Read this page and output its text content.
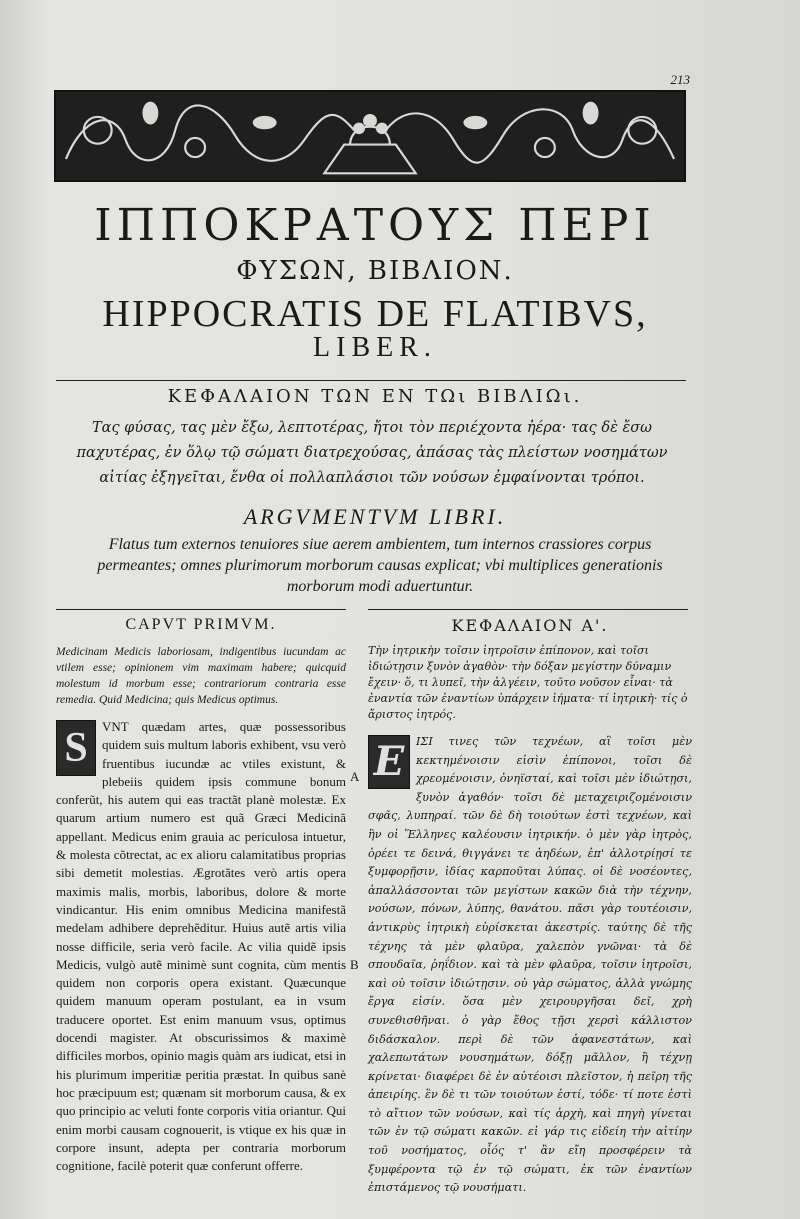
213
ΙΠΠΟΚΡΑΤΟΥΣ ΠΕΡΙ
ΦΥΣΩΝ, ΒΙΒΛΙΟΝ.
HIPPOCRATIS DE FLATIBVS,
LIBER.
ΚΕΦΑΛΑΙΟΝ ΤΩΝ ΕΝ ΤΩι ΒΙΒΛΙΩι.
Τας φύσας, τας μὲν ἔξω, λεπτοτέρας, ἤτοι τὸν περιέχοντα ἠέρα· τας δὲ ἔσω παχυτέρας, ἐν ὅλῳ τῷ σώματι διατρεχούσας, ἀπάσας τὰς πλείστων νοσημάτων αἰτίας ἐξηγεῖται, ἔνθα οἱ πολλαπλάσιοι τῶν νούσων ἐμφαίνονται τρόποι.
ARGVMENTVM LIBRI.
Flatus tum externos tenuiores siue aerem ambientem, tum internos crassiores corpus permeantes; omnes plurimorum morborum causas explicat; vbi multiplices generationis morborum modi aduertuntur.
CAPVT PRIMVM.
Medicinam Medicis laboriosam, indigentibus iucundam ac vtilem esse; opinionem vim maximam habere; quicquid molestum id morbum esse; contrariorum contraria esse remedia. Quid Medicina; quis Medicus optimus.
S	VNT quædam artes, quæ possessoribus quidem suis multum laboris exhibent, vsu verò fruentibus iucundæ ac vtiles existunt, & plebeiis quidem ipsis commune bonum conferũt, his autem qui eas tractãt planè molestæ. Ex quarum artium numero est quã Græci Medicinã appellant. Medicus enim grauia ac periculosa intuetur, & molesta cõtrectat, ac ex alioru calamitatibus proprias sibi demetit molestias. Ægrotãtes verò artis opera maximis malis, morbis, laboribus, dolore & morte vindicantur. His enim omnibus Medicina manifestã medelam adhibere deprehẽditur. Huius autẽ artis vilia nosse difficile, seria verò facile. Ac vilia quidẽ ipsis Medicis, vulgò autẽ minimè sunt cognita, cùm mentis quidem non corporis opera existant. Quæcunque quidem manuum operam postulant, ea in vsum traducere oportet. Est enim manuum vsus, optimus docendi magister. At obscurissimos & maximè difficiles morbos, opinio magis quàm ars iudicat, etsi in his plurimum imperitiæ peritia præstat. In quibus sanè hoc præcipuum est; quænam sit morborum causa, & ex quo principio ac veluti fonte corporis vitia oriantur. Qui enim morbi causam cognouerit, is vtique ex his quæ in corpore insunt, adepta per contraria morborum cognitione, facilè poterit quæ conferunt offerre.
A
B
ΚΕΦΑΛΑΙΟΝ Α'.
Τὴν ἰητρικὴν τοῖσιν ἰητροῖσιν ἐπίπονον, καὶ τοῖσι ἰδιώτῃσιν ξυνὸν ἀγαθὸν· τὴν δόξαν μεγίστην δύναμιν ἔχειν· ὅ, τι λυπεῖ, τὴν ἀλγέειν, τοῦτο νοῦσον εἶναι· τὰ ἐναντία τῶν ἐναντίων ὑπάρχειν ἰήματα· τί ἰητρικὴ· τίς ὁ ἄριστος ἰητρός.
Ε	ΙΣΙ τινες τῶν τεχνέων, αἳ τοῖσι μὲν κεκτημένοισιν εἰσὶν ἐπίπονοι, τοῖσι δὲ χρεομένοισιν, ὀνηϊσταί, καὶ τοῖσι μὲν ἰδιώτῃσι, ξυνὸν ἀγαθόν· τοῖσι δὲ μεταχειριζομένοισιν σφᾶς, λυπηραί. τῶν δὲ δὴ τοιούτων ἐστὶ τεχνέων, καὶ ἣν οἱ Ἕλληνες καλέουσιν ἰητρικήν. ὁ μὲν γὰρ ἰητρὸς, ὁρέει τε δεινά, θιγγάνει τε ἀηδέων, ἐπ' ἀλλοτρίῃσί τε ξυμφορῇσιν, ἰδίας καρποῦται λύπας. οἱ δὲ νοσέοντες, ἀπαλλάσσονται τῶν μεγίστων κακῶν διὰ τὴν τέχνην, νούσων, πόνων, λύπης, θανάτου. πᾶσι γὰρ τουτέοισιν, ἀντικρὺς ἰητρικὴ εὑρίσκεται ἀκεστρίς. ταύτης δὲ τῆς τέχνης τὰ μὲν φλαῦρα, χαλεπὸν γνῶναι· τὰ δὲ σπουδαῖα, ῥηΐδιον. καὶ τὰ μὲν φλαῦρα, τοῖσιν ἰητροῖσι, καὶ οὐ τοῖσιν ἰδιώτῃσιν. οὐ γὰρ σώματος, ἀλλὰ γνώμης ἔργα εἰσίν. ὅσα μὲν χειρουργῆσαι δεῖ, χρὴ συνεθισθῆναι. ὁ γὰρ ἔθος τῇσι χερσὶ κάλλιστον διδάσκαλον. περὶ δὲ τῶν ἀφανεστάτων, καὶ χαλεπωτάτων νουσημάτων, δόξῃ μᾶλλον, ἢ τέχνῃ κρίνεται· διαφέρει δὲ ἐν αὐτέοισι πλεῖστον, ἡ πεῖρη τῆς ἀπειρίης. ἓν δὲ τι τῶν τοιούτων ἐστί, τόδε· τί ποτε ἐστὶ τὸ αἴτιον τῶν νούσων, καὶ τίς ἀρχὴ, καὶ πηγὴ γίνεται τῶν ἐν τῷ σώματι κακῶν. εἰ γάρ τις εἰδείη τὴν αἰτίην τοῦ νοσήματος, οἷός τ' ἂν εἴη προσφέρειν τὰ ξυμφέροντα τῷ ἐν τῷ σώματι, ἐκ τῶν ἐναντίων ἐπιστάμενος τῷ νουσήματι.
